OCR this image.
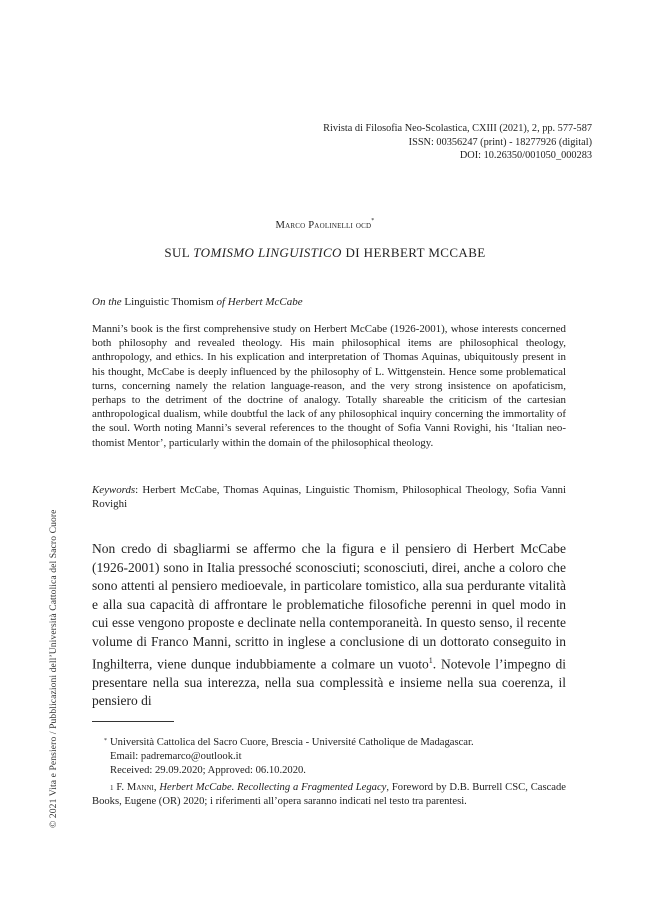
Rivista di Filosofia Neo-Scolastica, CXIII (2021), 2, pp. 577-587
ISSN: 00356247 (print) - 18277926 (digital)
DOI: 10.26350/001050_000283
Marco Paolinelli ocd*
SUL TOMISMO LINGUISTICO DI HERBERT MCCABE
On the Linguistic Thomism of Herbert McCabe
Manni’s book is the first comprehensive study on Herbert McCabe (1926-2001), whose interests concerned both philosophy and revealed theology. His main philosophical items are philosophical theology, anthropology, and ethics. In his explication and interpretation of Thomas Aquinas, ubiquitously present in his thought, McCabe is deeply influenced by the philosophy of L. Wittgenstein. Hence some problematical turns, concerning namely the relation language-reason, and the very strong insistence on apofaticism, perhaps to the detriment of the doctrine of analogy. Totally shareable the criticism of the cartesian anthropological dualism, while doubtful the lack of any philosophical inquiry concerning the immortality of the soul. Worth noting Manni’s several references to the thought of Sofia Vanni Rovighi, his ‘Italian neo-thomist Mentor’, particularly within the domain of the philosophical theology.
Keywords: Herbert McCabe, Thomas Aquinas, Linguistic Thomism, Philosophical Theology, Sofia Vanni Rovighi
Non credo di sbagliarmi se affermo che la figura e il pensiero di Herbert McCabe (1926-2001) sono in Italia pressoché sconosciuti; sconosciuti, direi, anche a coloro che sono attenti al pensiero medioevale, in particolare tomistico, alla sua perdurante vitalità e alla sua capacità di affrontare le problematiche filosofiche perenni in quel modo in cui esse vengono proposte e declinate nella contemporaneità. In questo senso, il recente volume di Franco Manni, scritto in inglese a conclusione di un dottorato conseguito in Inghilterra, viene dunque indubbiamente a colmare un vuoto$^1$. Notevole l’impegno di presentare nella sua interezza, nella sua complessità e insieme nella sua coerenza, il pensiero di
* Università Cattolica del Sacro Cuore, Brescia - Université Catholique de Madagascar.
Email: padremarco@outlook.it
Received: 29.09.2020; Approved: 06.10.2020.
$^1$ F. Manni, Herbert McCabe. Recollecting a Fragmented Legacy, Foreword by D.B. Burrell CSC, Cascade Books, Eugene (OR) 2020; i riferimenti all’opera saranno indicati nel testo tra parentesi.
© 2021 Vita e Pensiero / Pubblicazioni dell’Università Cattolica del Sacro Cuore
